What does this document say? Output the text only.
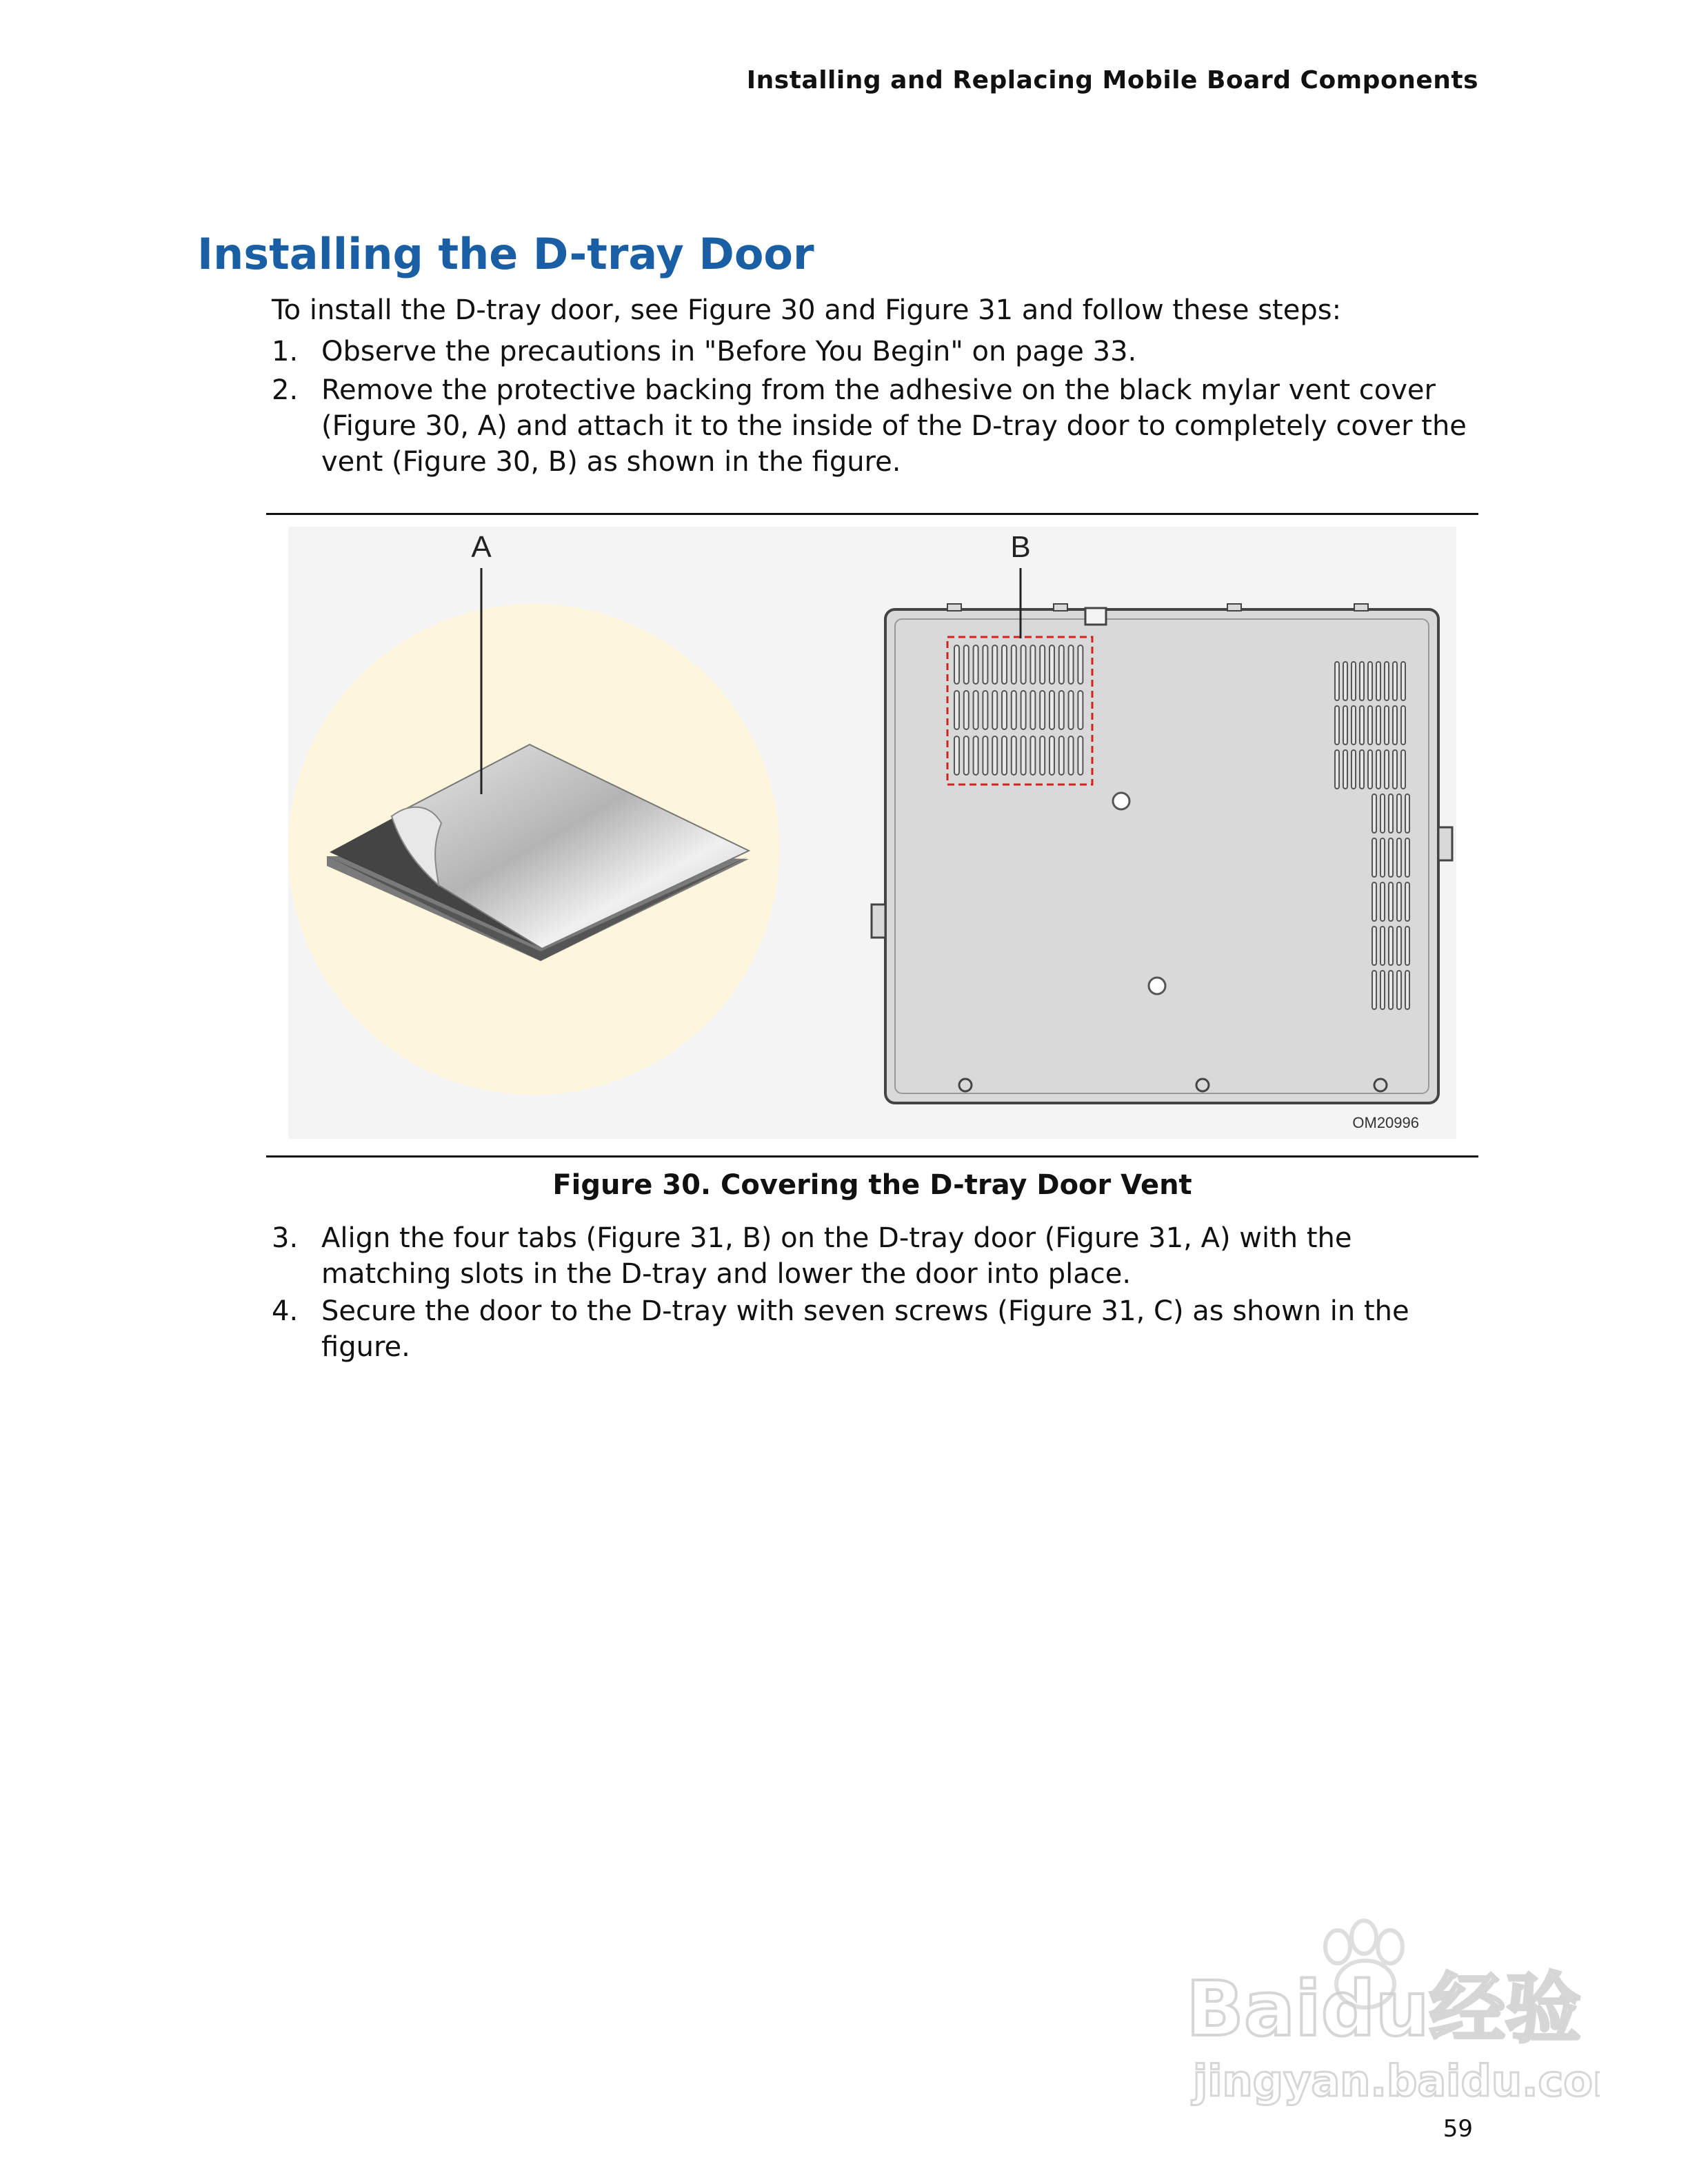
Installing and Replacing Mobile Board Components
Installing the D-tray Door
To install the D-tray door, see Figure 30 and Figure 31 and follow these steps:
1. Observe the precautions in "Before You Begin" on page 33.
2. Remove the protective backing from the adhesive on the black mylar vent cover (Figure 30, A) and attach it to the inside of the D-tray door to completely cover the vent (Figure 30, B) as shown in the figure.
A	B
OM20996
Figure 30. Covering the D-tray Door Vent
3. Align the four tabs (Figure 31, B) on the D-tray door (Figure 31, A) with the matching slots in the D-tray and lower the door into place.
4. Secure the door to the D-tray with seven screws (Figure 31, C) as shown in the figure.
Baidu经验
jingyan.baidu.com
59
